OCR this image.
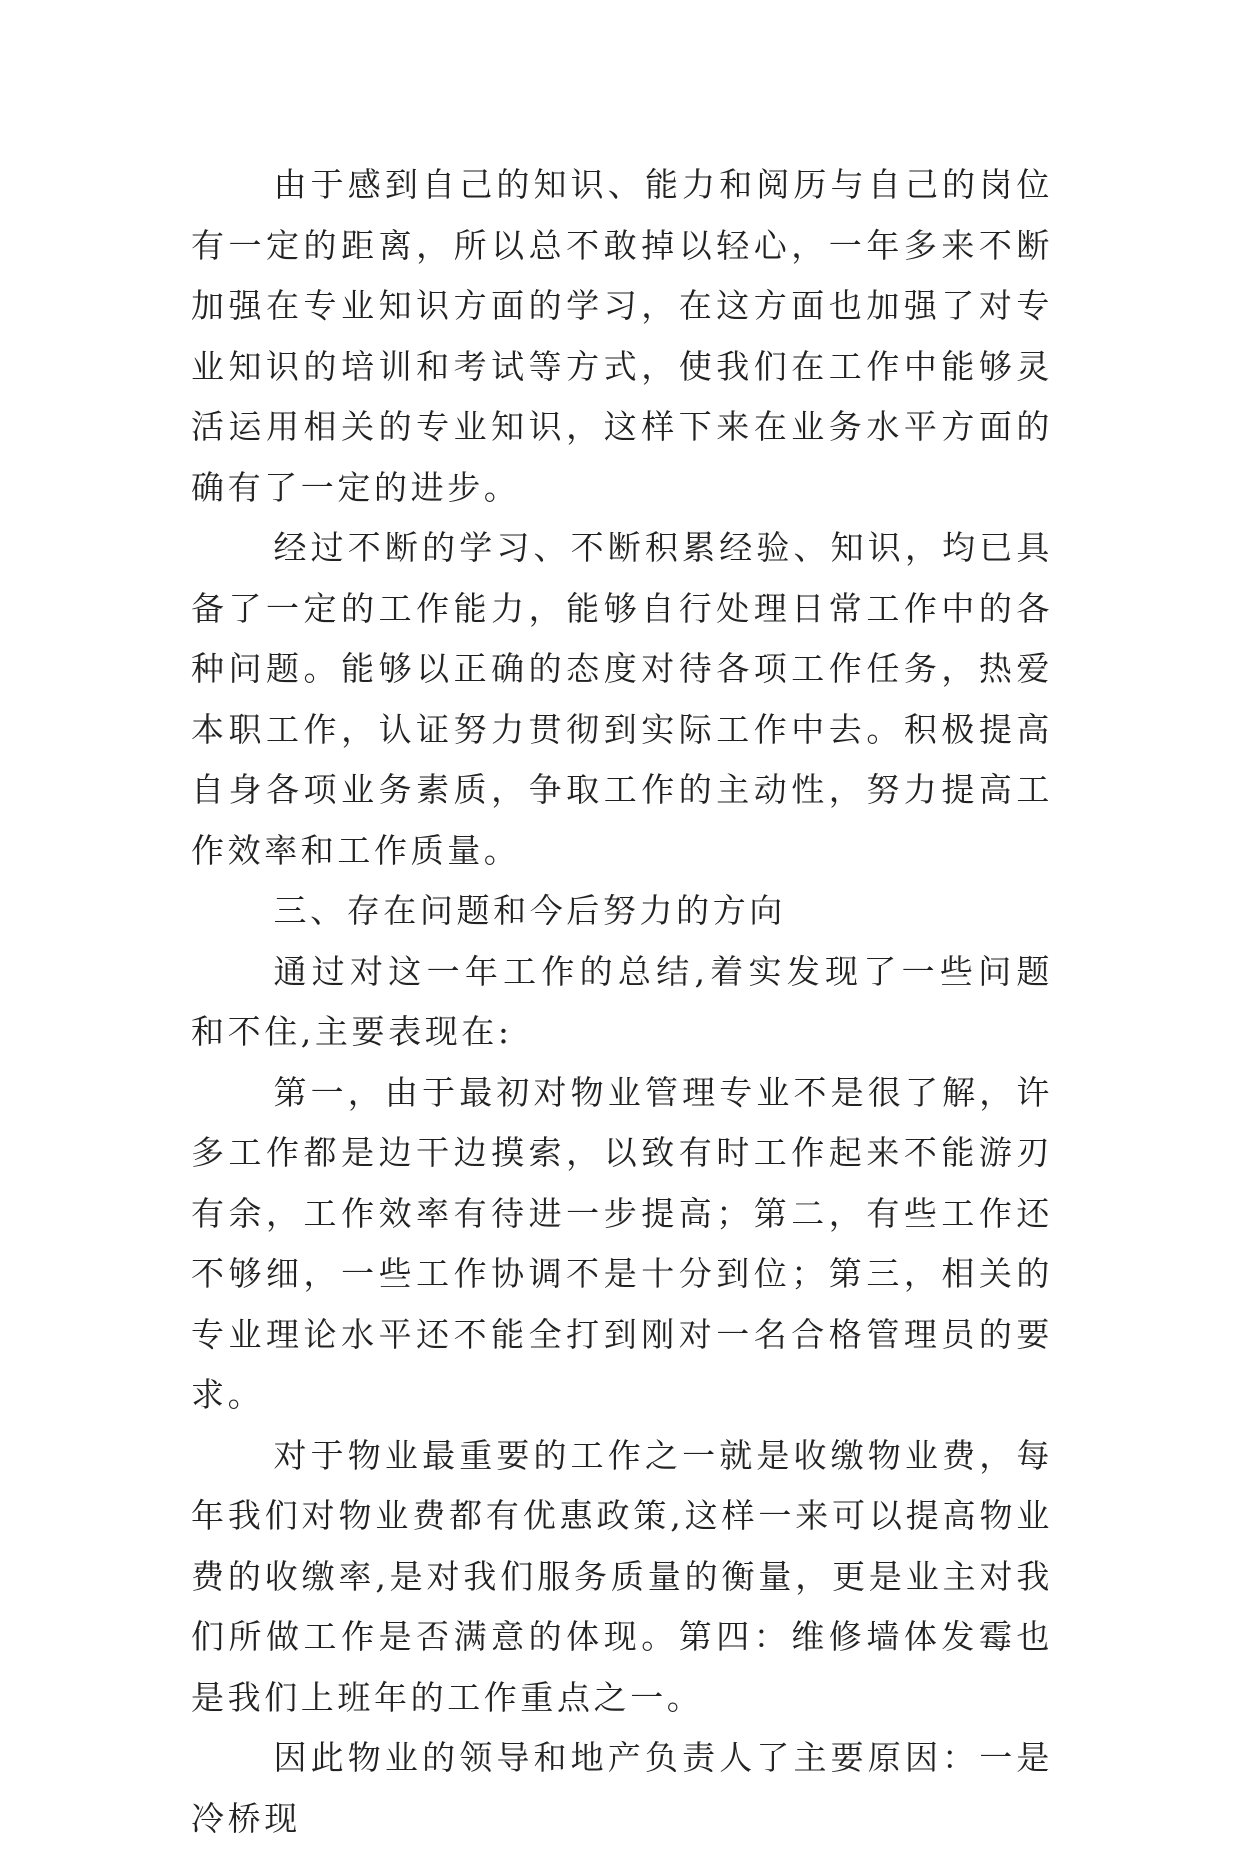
由于感到自己的知识、能力和阅历与自己的岗位有一定的距离，所以总不敢掉以轻心，一年多来不断加强在专业知识方面的学习，在这方面也加强了对专业知识的培训和考试等方式，使我们在工作中能够灵活运用相关的专业知识，这样下来在业务水平方面的确有了一定的进步。

经过不断的学习、不断积累经验、知识，均已具备了一定的工作能力，能够自行处理日常工作中的各种问题。能够以正确的态度对待各项工作任务，热爱本职工作，认证努力贯彻到实际工作中去。积极提高自身各项业务素质，争取工作的主动性，努力提高工作效率和工作质量。

三、存在问题和今后努力的方向

通过对这一年工作的总结,着实发现了一些问题和不住,主要表现在:

第一，由于最初对物业管理专业不是很了解，许多工作都是边干边摸索，以致有时工作起来不能游刃有余，工作效率有待进一步提高；第二，有些工作还不够细，一些工作协调不是十分到位；第三，相关的专业理论水平还不能全打到刚对一名合格管理员的要求。

对于物业最重要的工作之一就是收缴物业费，每年我们对物业费都有优惠政策,这样一来可以提高物业费的收缴率,是对我们服务质量的衡量，更是业主对我们所做工作是否满意的体现。第四：维修墙体发霉也是我们上班年的工作重点之一。

因此物业的领导和地产负责人了主要原因：一是冷桥现
